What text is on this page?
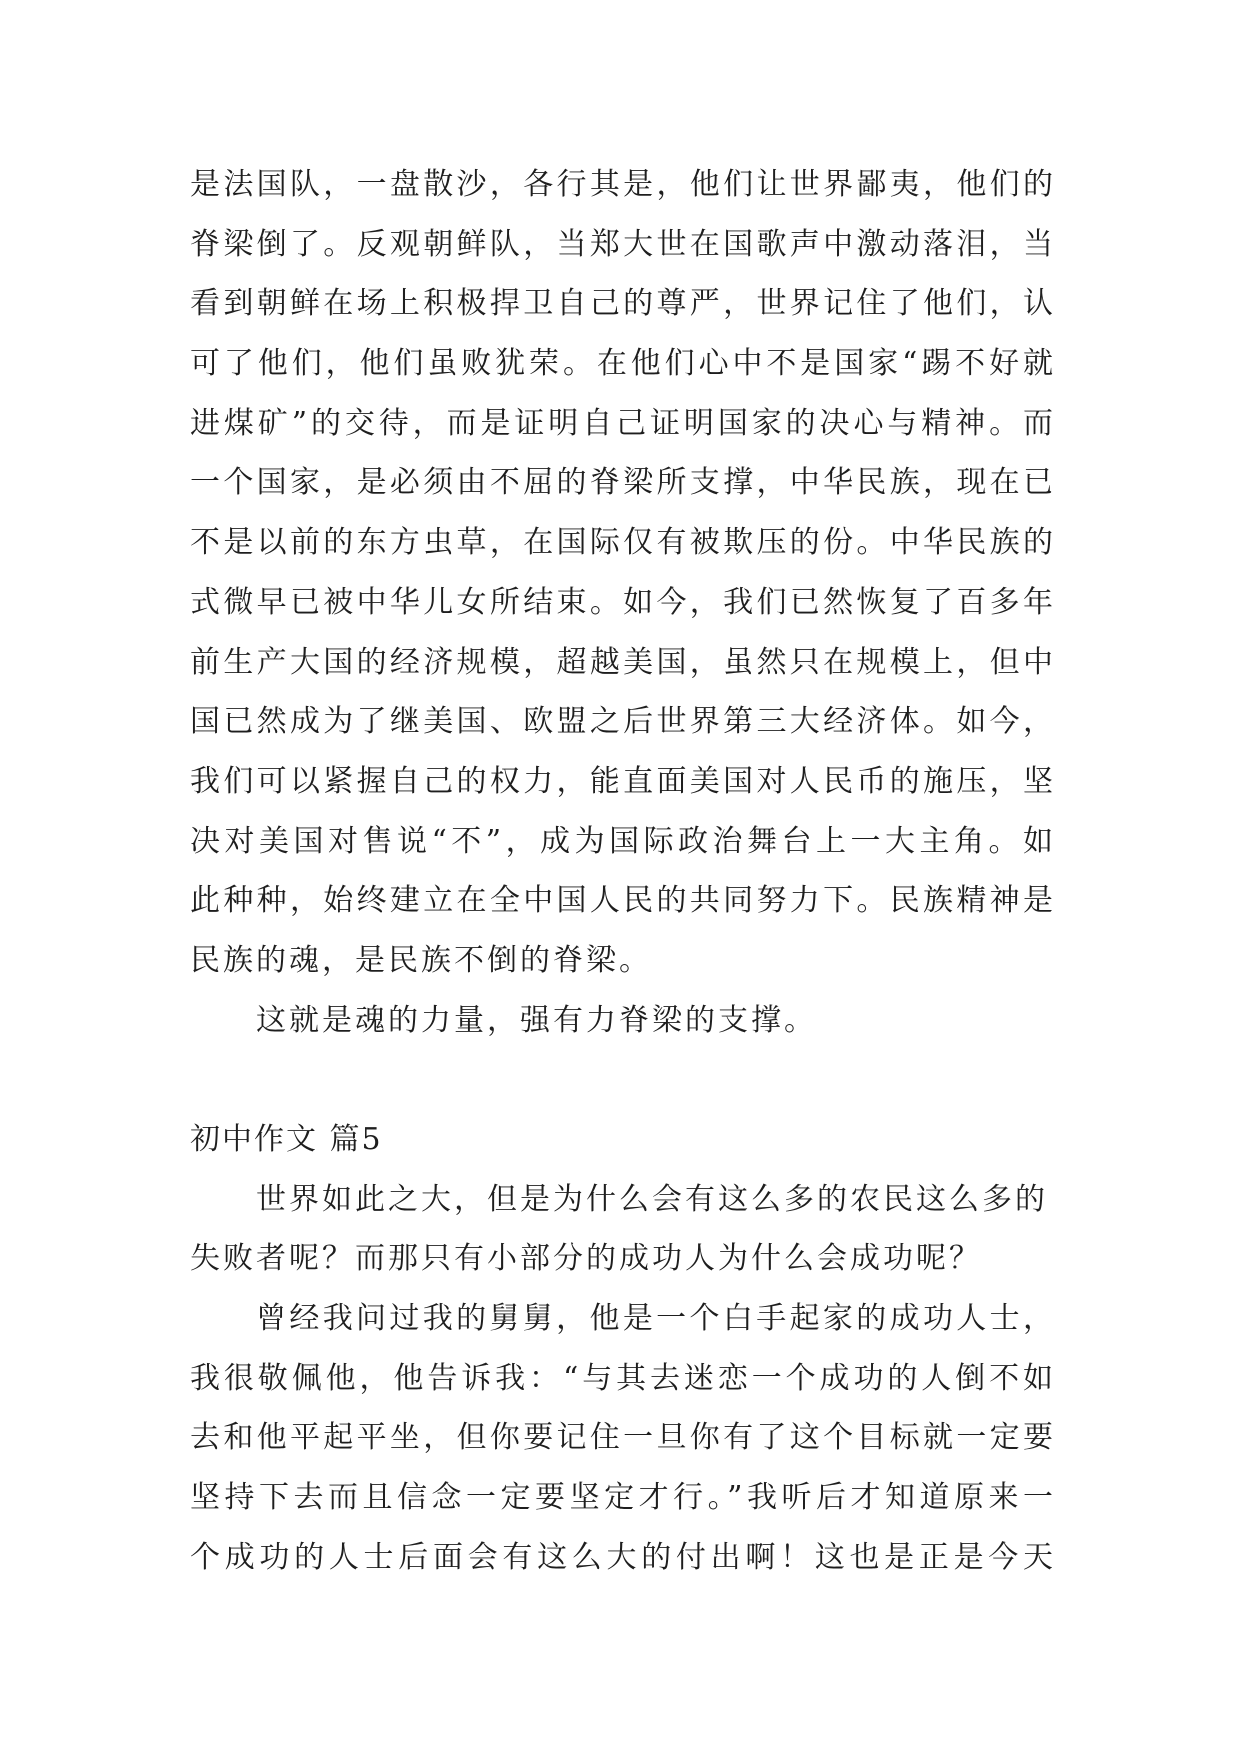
是法国队，一盘散沙，各行其是，他们让世界鄙夷，他们的
脊梁倒了。反观朝鲜队，当郑大世在国歌声中激动落泪，当
看到朝鲜在场上积极捍卫自己的尊严，世界记住了他们，认
可了他们，他们虽败犹荣。在他们心中不是国家“踢不好就
进煤矿”的交待，而是证明自己证明国家的决心与精神。而
一个国家，是必须由不屈的脊梁所支撑，中华民族，现在已
不是以前的东方虫草，在国际仅有被欺压的份。中华民族的
式微早已被中华儿女所结束。如今，我们已然恢复了百多年
前生产大国的经济规模，超越美国，虽然只在规模上，但中
国已然成为了继美国、欧盟之后世界第三大经济体。如今，
我们可以紧握自己的权力，能直面美国对人民币的施压，坚
决对美国对售说“不”，成为国际政治舞台上一大主角。如
此种种，始终建立在全中国人民的共同努力下。民族精神是
民族的魂，是民族不倒的脊梁。
这就是魂的力量，强有力脊梁的支撑。
初中作文 篇5
世界如此之大，但是为什么会有这么多的农民这么多的
失败者呢？而那只有小部分的成功人为什么会成功呢？
曾经我问过我的舅舅，他是一个白手起家的成功人士，
我很敬佩他，他告诉我：“与其去迷恋一个成功的人倒不如
去和他平起平坐，但你要记住一旦你有了这个目标就一定要
坚持下去而且信念一定要坚定才行。”我听后才知道原来一
个成功的人士后面会有这么大的付出啊！这也是正是今天
